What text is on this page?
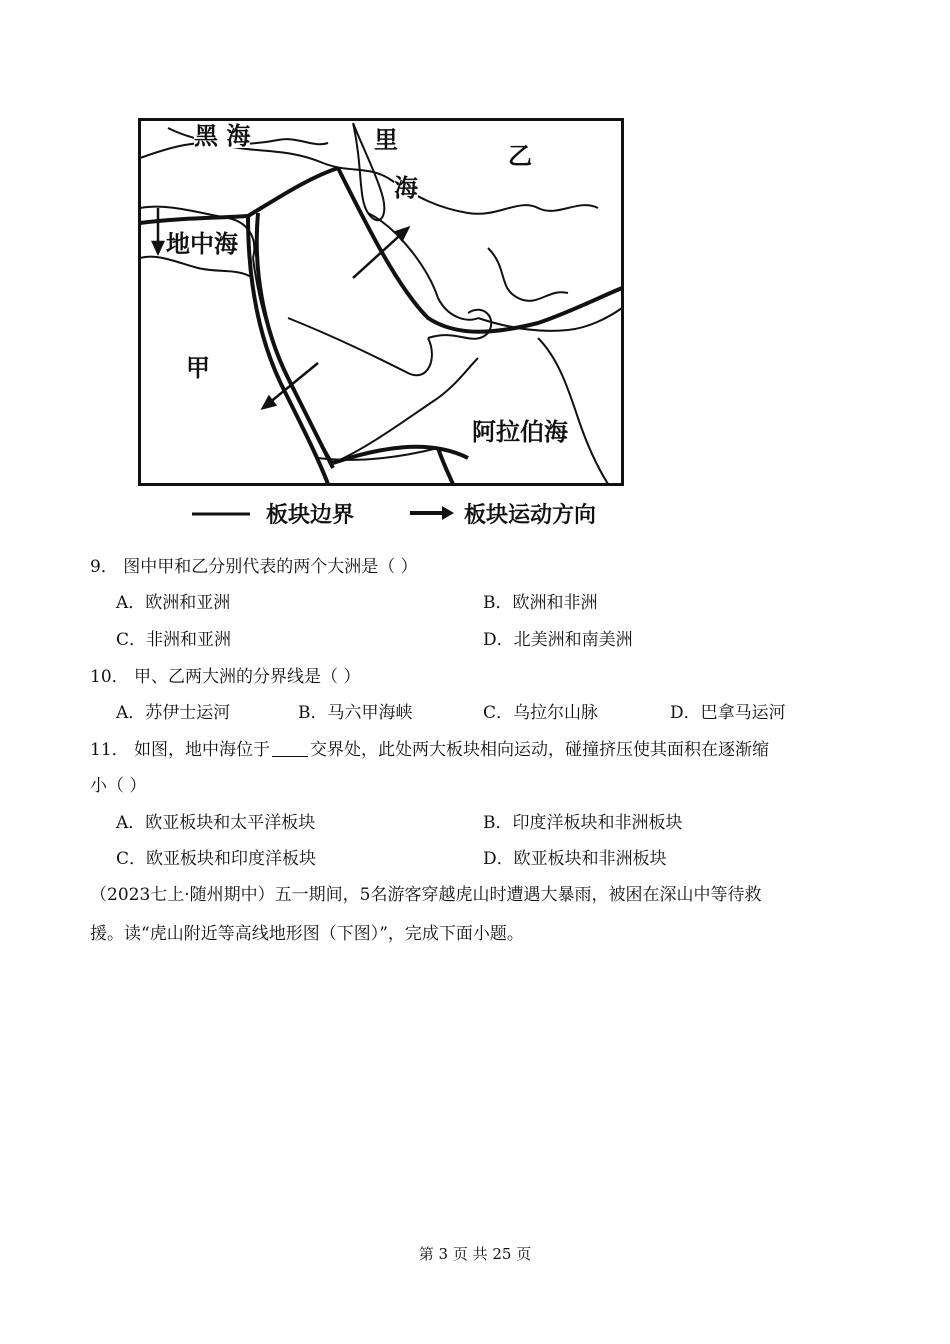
黑 海	里
海
乙
地中海
甲
阿拉伯海
板块边界	板块运动方向
9． 图中甲和乙分别代表的两个大洲是（ ）
A．欧洲和亚洲	B．欧洲和非洲
C．非洲和亚洲	D．北美洲和南美洲
10． 甲、乙两大洲的分界线是（ ）
A．苏伊士运河	B．马六甲海峡	C．乌拉尔山脉	D．巴拿马运河
11． 如图，地中海位于 交界处，此处两大板块相向运动，碰撞挤压使其面积在逐渐缩
小（ ）
A．欧亚板块和太平洋板块	B．印度洋板块和非洲板块
C．欧亚板块和印度洋板块	D．欧亚板块和非洲板块
（2023七上·随州期中）五一期间，5名游客穿越虎山时遭遇大暴雨，被困在深山中等待救
援。读“虎山附近等高线地形图（下图）”，完成下面小题。
第 3 页 共 25 页
